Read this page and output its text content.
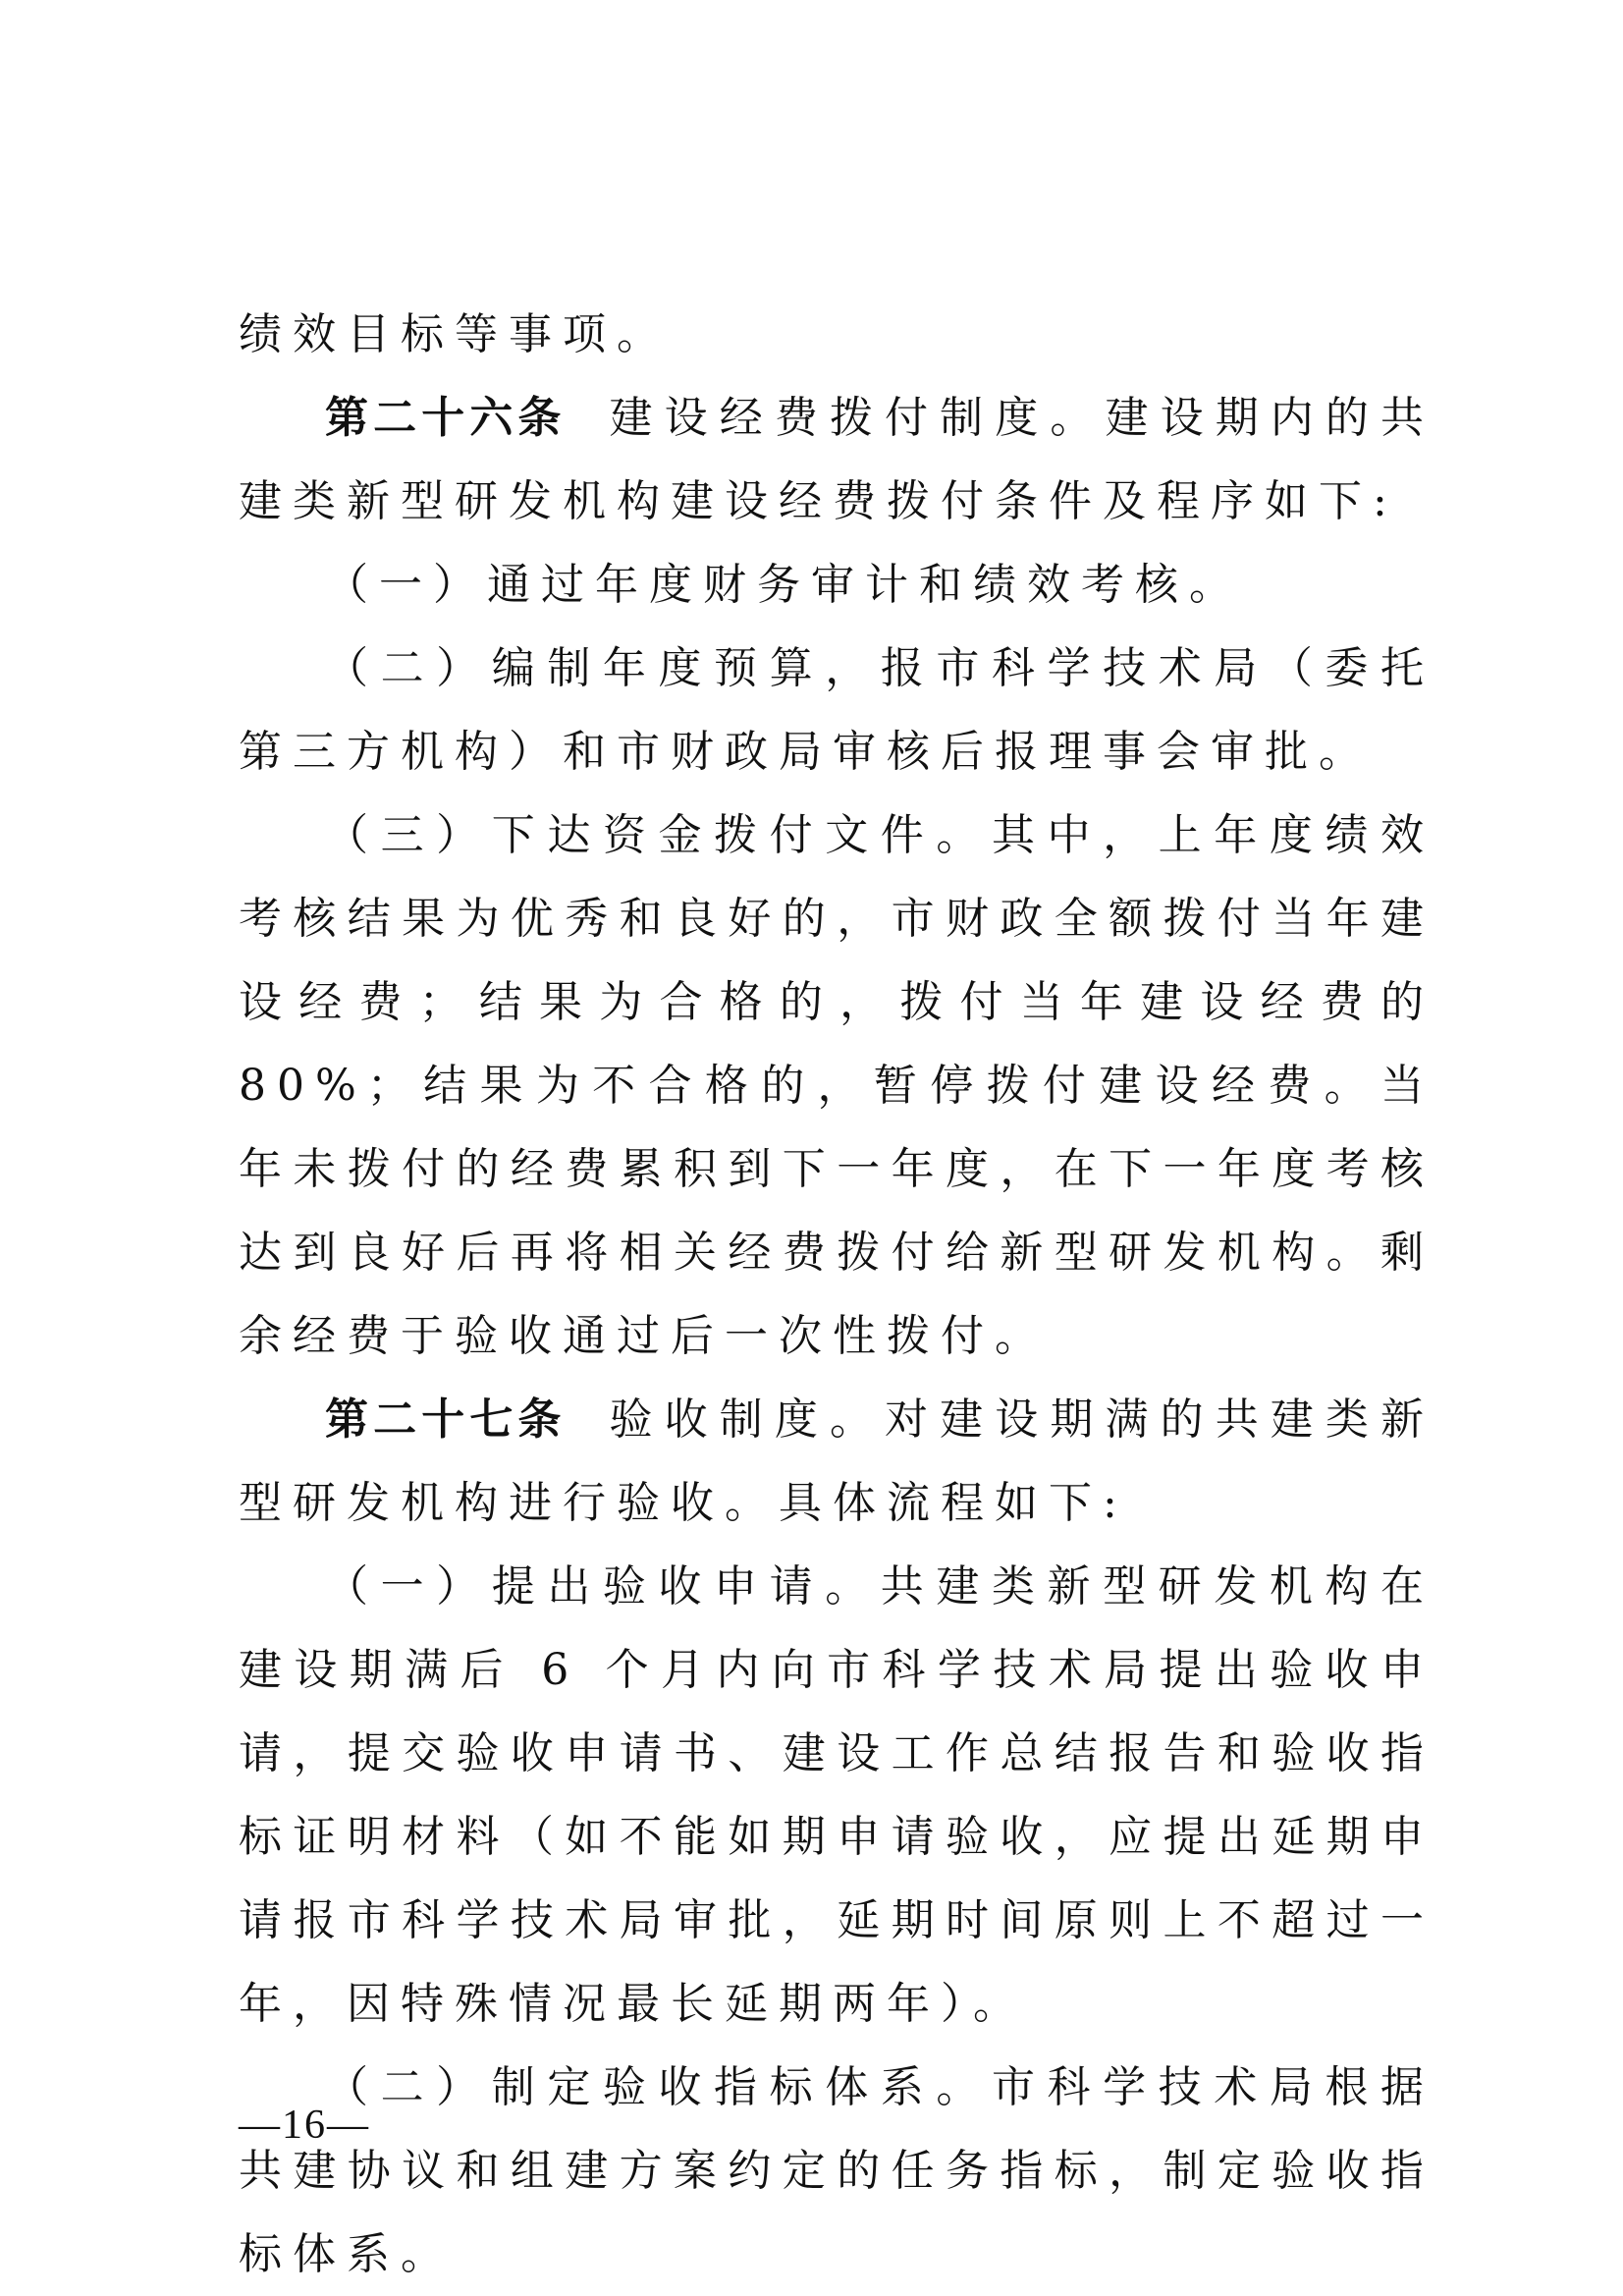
绩效目标等事项。

第二十六条 建设经费拨付制度。建设期内的共建类新型研发机构建设经费拨付条件及程序如下:

（一）通过年度财务审计和绩效考核。

（二）编制年度预算，报市科学技术局（委托第三方机构）和市财政局审核后报理事会审批。

（三）下达资金拨付文件。其中，上年度绩效考核结果为优秀和良好的，市财政全额拨付当年建设经费；结果为合格的，拨付当年建设经费的 80%；结果为不合格的，暂停拨付建设经费。当年未拨付的经费累积到下一年度，在下一年度考核达到良好后再将相关经费拨付给新型研发机构。剩余经费于验收通过后一次性拨付。

第二十七条 验收制度。对建设期满的共建类新型研发机构进行验收。具体流程如下:

（一）提出验收申请。共建类新型研发机构在建设期满后 6 个月内向市科学技术局提出验收申请，提交验收申请书、建设工作总结报告和验收指标证明材料（如不能如期申请验收，应提出延期申请报市科学技术局审批，延期时间原则上不超过一年，因特殊情况最长延期两年）。

（二）制定验收指标体系。市科学技术局根据共建协议和组建方案约定的任务指标，制定验收指标体系。

—16—
